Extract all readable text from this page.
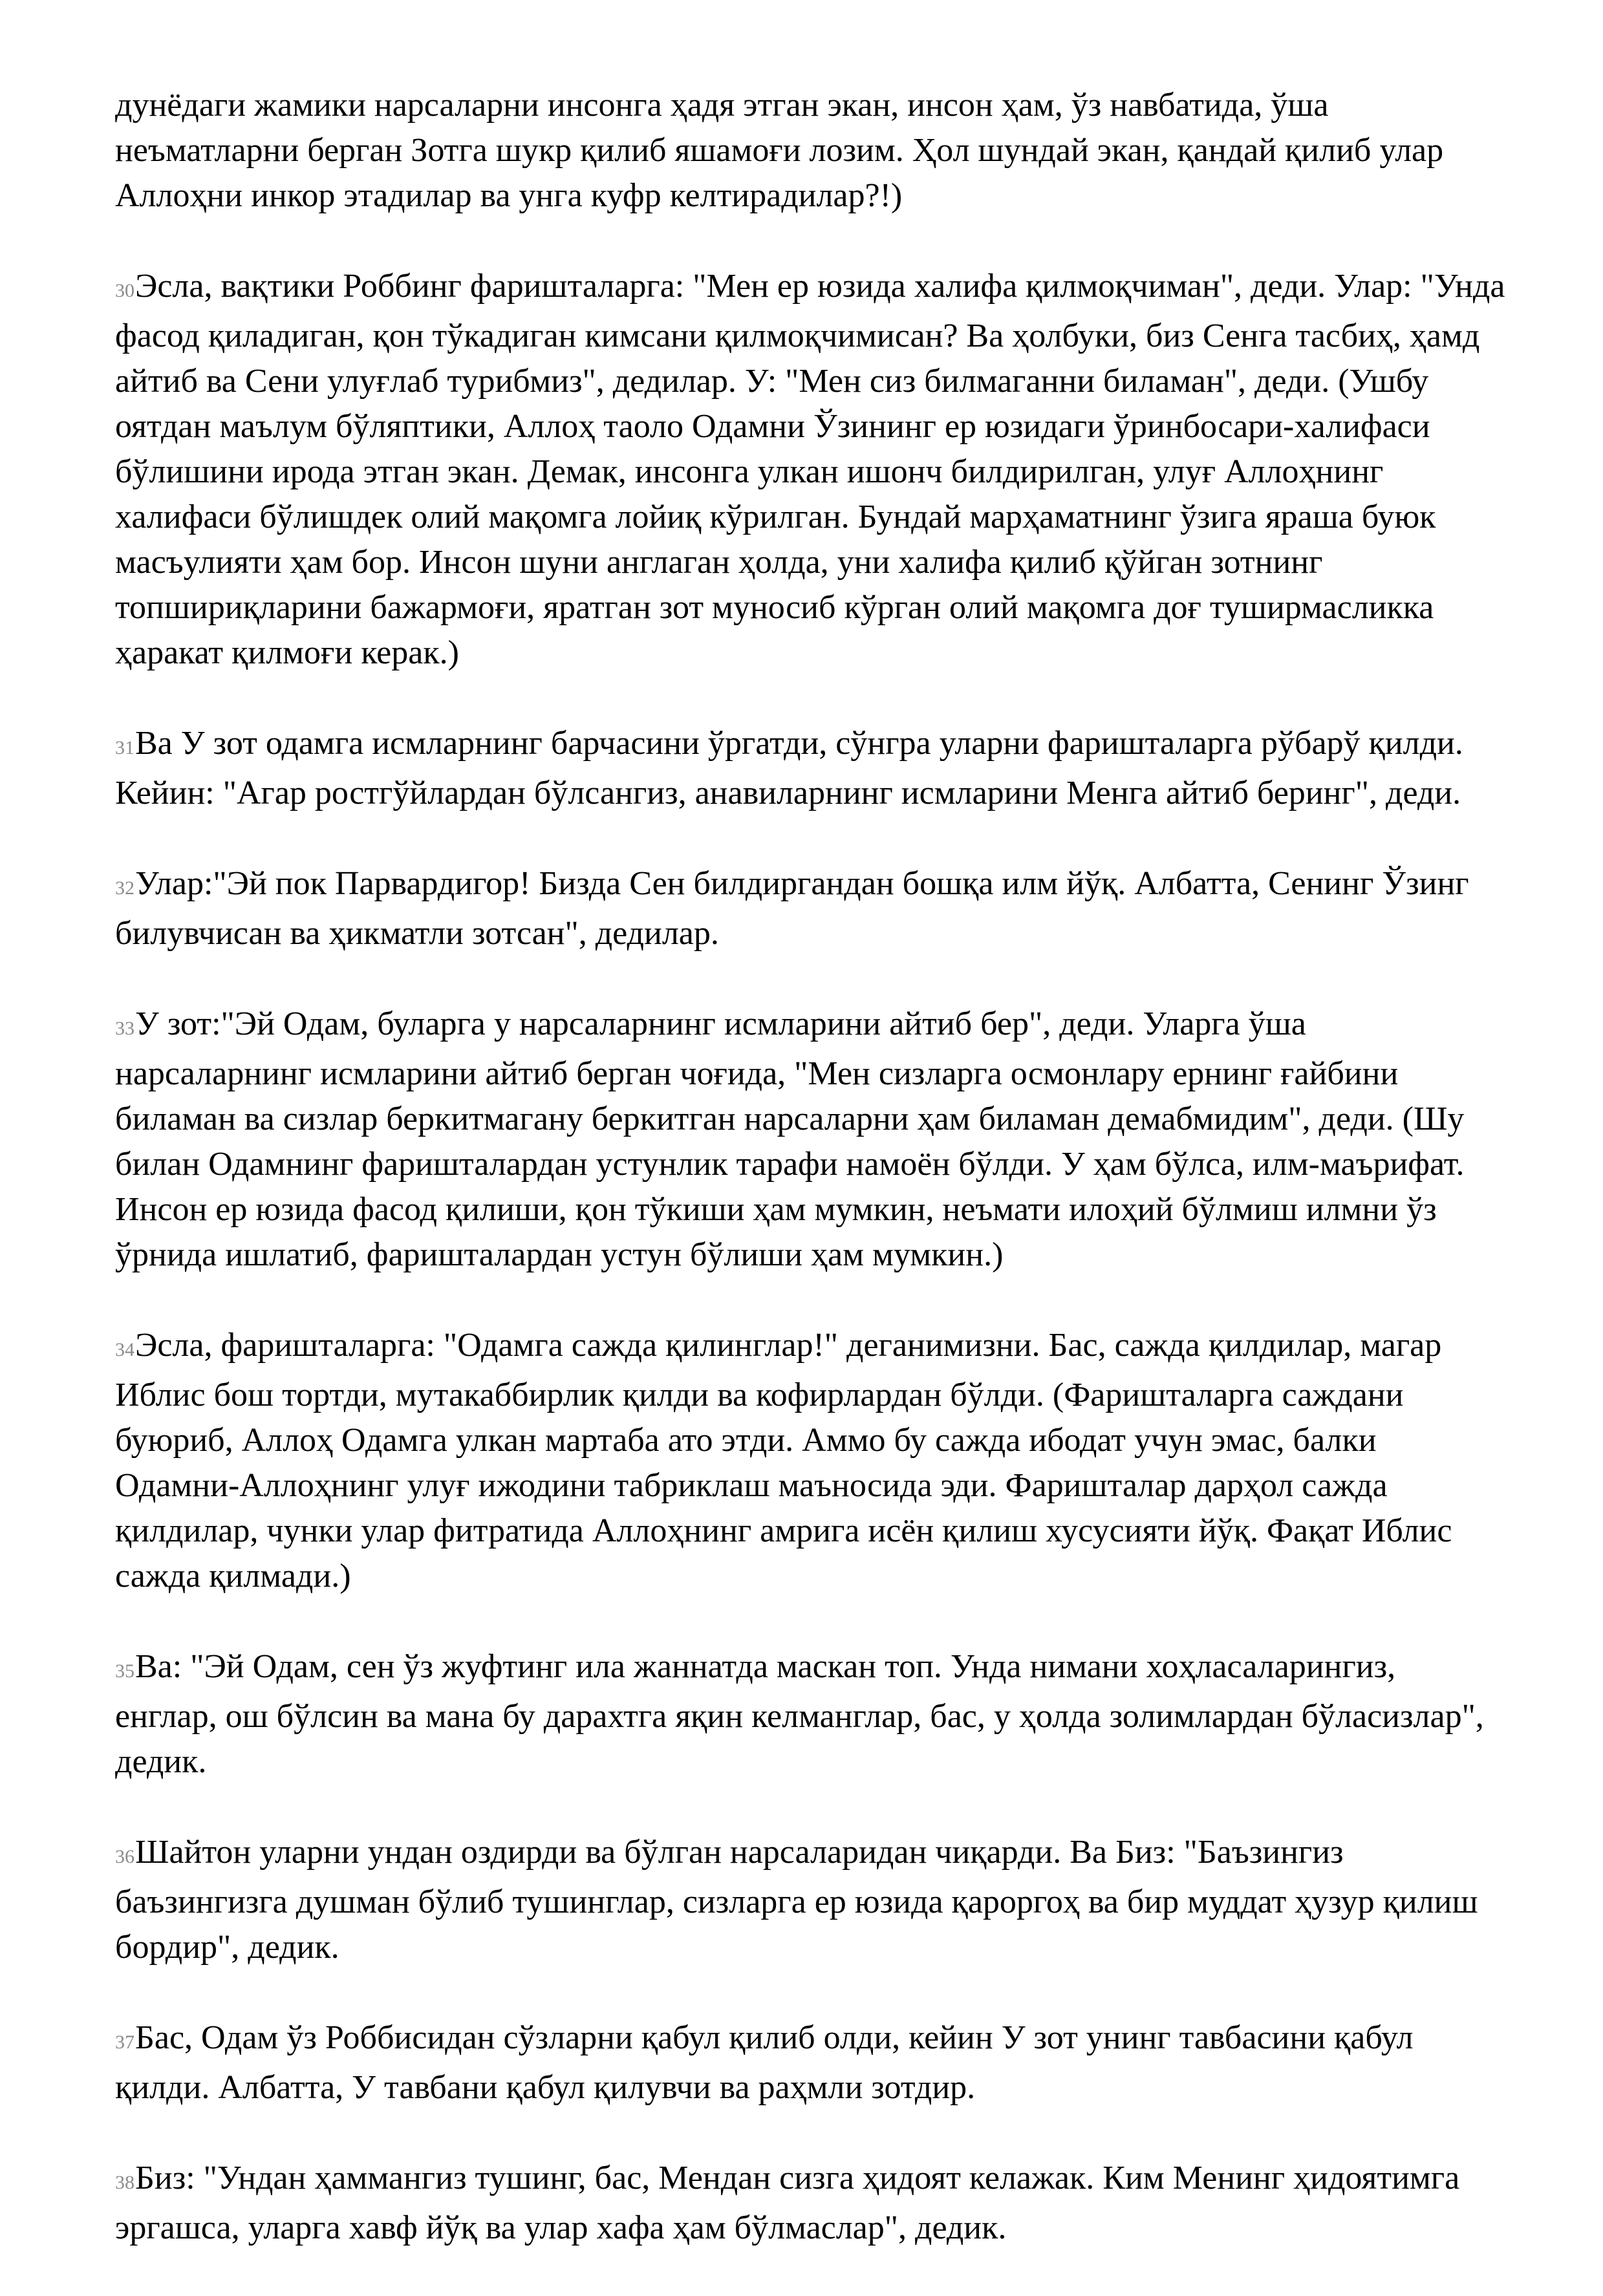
дунёдаги жамики нарсаларни инсонга ҳадя этган экан, инсон ҳам, ўз навбатида, ўша неъматларни берган Зотга шукр қилиб яшамоғи лозим. Ҳол шундай экан, қандай қилиб улар Аллоҳни инкор этадилар ва унга куфр келтирадилар?!)

30Эсла, вақтики Роббинг фаришталарга: "Мен ер юзида халифа қилмоқчиман", деди. Улар: "Унда фасод қиладиган, қон тўкадиган кимсани қилмоқчимисан? Ва ҳолбуки, биз Сенга тасбиҳ, ҳамд айтиб ва Сени улуғлаб турибмиз", дедилар. У: "Мен сиз билмаганни биламан", деди. (Ушбу оятдан маълум бўляптики, Аллоҳ таоло Одамни Ўзининг ер юзидаги ўринбосари-халифаси бўлишини ирода этган экан. Демак, инсонга улкан ишонч билдирилган, улуғ Аллоҳнинг халифаси бўлишдек олий мақомга лойиқ кўрилган. Бундай марҳаматнинг ўзига яраша буюк масъулияти ҳам бор. Инсон шуни англаган ҳолда, уни халифа қилиб қўйган зотнинг топшириқларини бажармоғи, яратган зот муносиб кўрган олий мақомга доғ туширмасликка ҳаракат қилмоғи керак.)

31Ва У зот одамга исмларнинг барчасини ўргатди, сўнгра уларни фаришталарга рўбарў қилди. Кейин: "Агар ростгўйлардан бўлсангиз, анавиларнинг исмларини Менга айтиб беринг", деди.

32Улар:"Эй пок Парвардигор! Бизда Сен билдиргандан бошқа илм йўқ. Албатта, Сенинг Ўзинг билувчисан ва ҳикматли зотсан", дедилар.

33У зот:"Эй Одам, буларга у нарсаларнинг исмларини айтиб бер", деди. Уларга ўша нарсаларнинг исмларини айтиб берган чоғида, "Мен сизларга осмонлару ернинг ғайбини биламан ва сизлар беркитмагану беркитган нарсаларни ҳам биламан демабмидим", деди. (Шу билан Одамнинг фаришталардан устунлик тарафи намоён бўлди. У ҳам бўлса, илм-маърифат. Инсон ер юзида фасод қилиши, қон тўкиши ҳам мумкин, неъмати илоҳий бўлмиш илмни ўз ўрнида ишлатиб, фаришталардан устун бўлиши ҳам мумкин.)

34Эсла, фаришталарга: "Одамга сажда қилинглар!" деганимизни. Бас, сажда қилдилар, магар Иблис бош тортди, мутакаббирлик қилди ва кофирлардан бўлди. (Фаришталарга саждани буюриб, Аллоҳ Одамга улкан мартаба ато этди. Аммо бу сажда ибодат учун эмас, балки Одамни-Аллоҳнинг улуғ ижодини табриклаш маъносида эди. Фаришталар дарҳол сажда қилдилар, чунки улар фитратида Аллоҳнинг амрига исён қилиш хусусияти йўқ. Фақат Иблис сажда қилмади.)

35Ва: "Эй Одам, сен ўз жуфтинг ила жаннатда маскан топ. Унда нимани хоҳласаларингиз, енглар, ош бўлсин ва мана бу дарахтга яқин келманглар, бас, у ҳолда золимлардан бўласизлар", дедик.

36Шайтон уларни ундан оздирди ва бўлган нарсаларидан чиқарди. Ва Биз: "Баъзингиз баъзингизга душман бўлиб тушинглар, сизларга ер юзида қароргоҳ ва бир муддат ҳузур қилиш бордир", дедик.

37Бас, Одам ўз Роббисидан сўзларни қабул қилиб олди, кейин У зот унинг тавбасини қабул қилди. Албатта, У тавбани қабул қилувчи ва раҳмли зотдир.

38Биз: "Ундан ҳаммангиз тушинг, бас, Мендан сизга ҳидоят келажак. Ким Менинг ҳидоятимга эргашса, уларга хавф йўқ ва улар хафа ҳам бўлмаслар", дедик.
